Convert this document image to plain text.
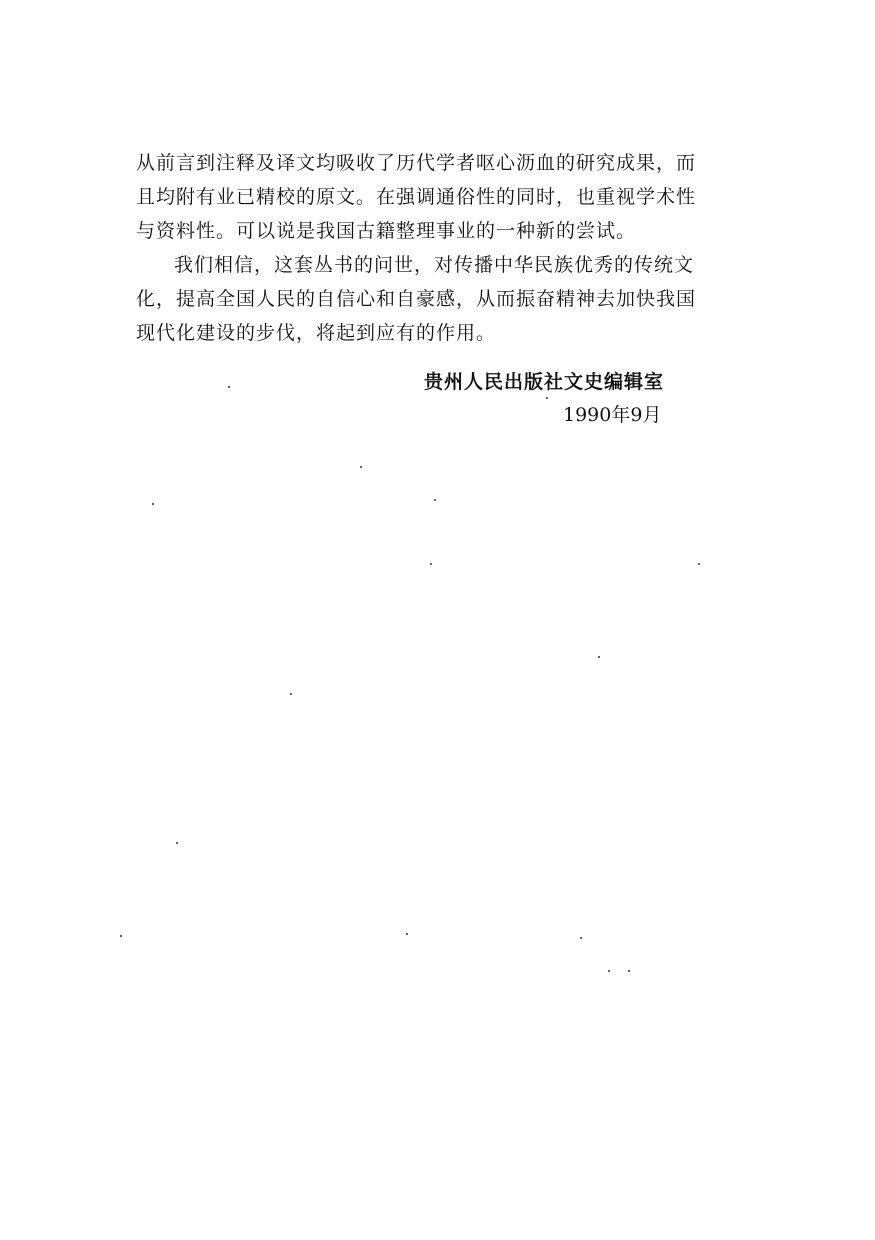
从前言到注释及译文均吸收了历代学者呕心沥血的研究成果，而
且均附有业已精校的原文。在强调通俗性的同时，也重视学术性
与资料性。可以说是我国古籍整理事业的一种新的尝试。
我们相信，这套丛书的问世，对传播中华民族优秀的传统文
化，提高全国人民的自信心和自豪感，从而振奋精神去加快我国
现代化建设的步伐，将起到应有的作用。
贵州人民出版社文史编辑室
1990年9月
